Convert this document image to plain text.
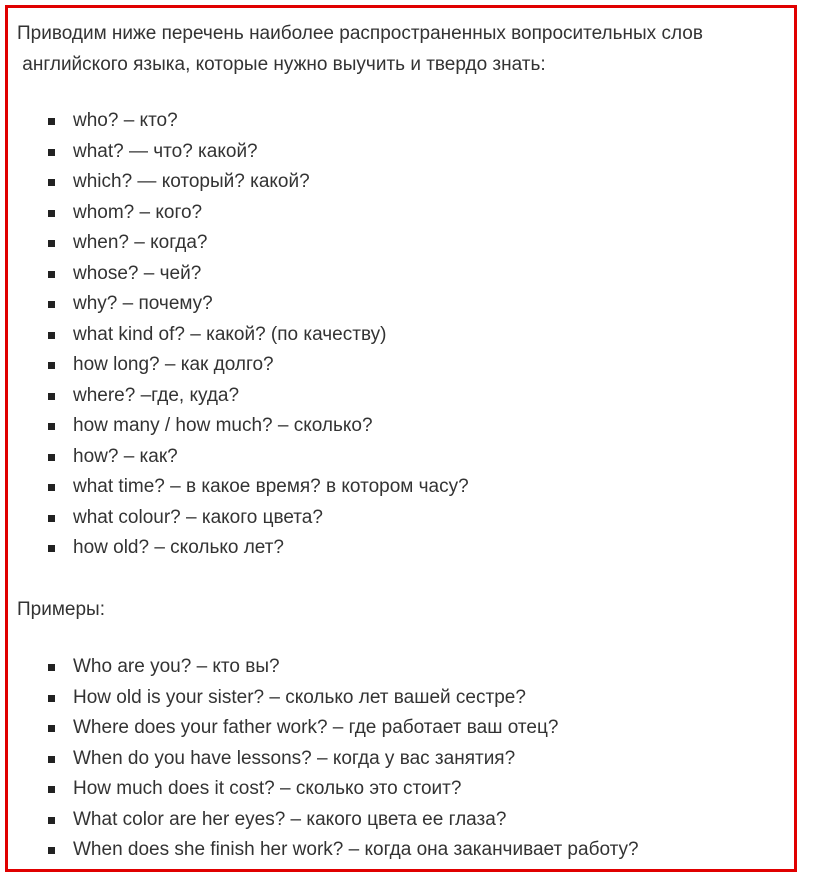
Приводим ниже перечень наиболее распространенных вопросительных слов
английского языка, которые нужно выучить и твердо знать:

who? – кто?
what? — что? какой?
which? — который? какой?
whom? – кого?
when? – когда?
whose? – чей?
why? – почему?
what kind of? – какой? (по качеству)
how long? – как долго?
where? –где, куда?
how many / how much? – сколько?
how? – как?
what time? – в какое время? в котором часу?
what colour? – какого цвета?
how old? – сколько лет?

Примеры:

Who are you? – кто вы?
How old is your sister? – сколько лет вашей сестре?
Where does your father work? – где работает ваш отец?
When do you have lessons? – когда у вас занятия?
How much does it cost? – сколько это стоит?
What color are her eyes? – какого цвета ее глаза?
When does she finish her work? – когда она заканчивает работу?
